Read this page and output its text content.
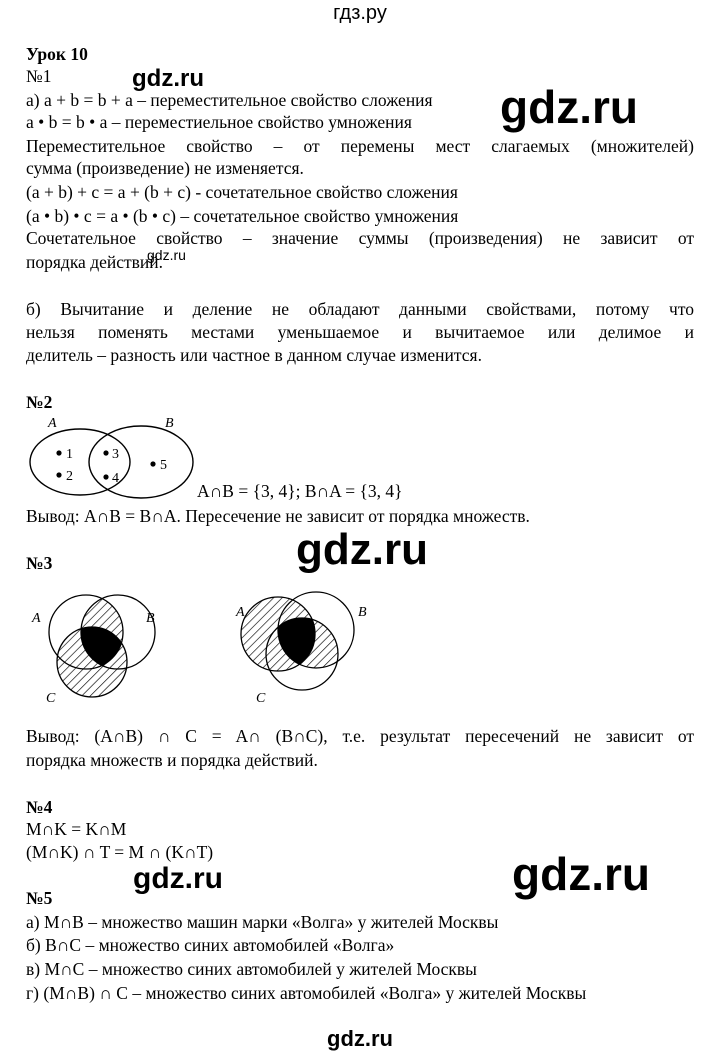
гдз.ру
Урок 10
№1
а) a + b = b + a – переместительное свойство сложения
a • b = b • a – переместиельное свойство умножения
Переместительное свойство – от перемены мест слагаемых (множителей)
сумма (произведение) не изменяется.
(a + b) + c = a + (b + c) - сочетательное свойство сложения
(a • b) • c = a • (b • c) – сочетательное свойство умножения
Сочетательное свойство – значение суммы (произведения) не зависит от
порядка действий.
б) Вычитание и деление не обладают данными свойствами, потому что
нельзя поменять местами уменьшаемое и вычитаемое или делимое и
делитель – разность или частное в данном случае изменится.
№2
A	B
1
2
3
4
5
A∩B = {3, 4}; B∩A = {3, 4}
Вывод: A∩B = B∩A. Пересечение не зависит от порядка множеств.
№3
A	B
C
A	B
C
Вывод: (A∩B) ∩ C = A∩ (B∩C), т.е. результат пересечений не зависит от
порядка множеств и порядка действий.
№4
M∩K = K∩M
(M∩K) ∩ T = M ∩ (K∩T)
№5
а) M∩B – множество машин марки «Волга» у жителей Москвы
б) B∩C – множество синих автомобилей «Волга»
в) M∩C – множество синих автомобилей у жителей Москвы
г) (M∩B) ∩ C – множество синих автомобилей «Волга» у жителей Москвы
gdz.ru
gdz.ru
gdz.ru
gdz.ru
gdz.ru
gdz.ru
gdz.ru
